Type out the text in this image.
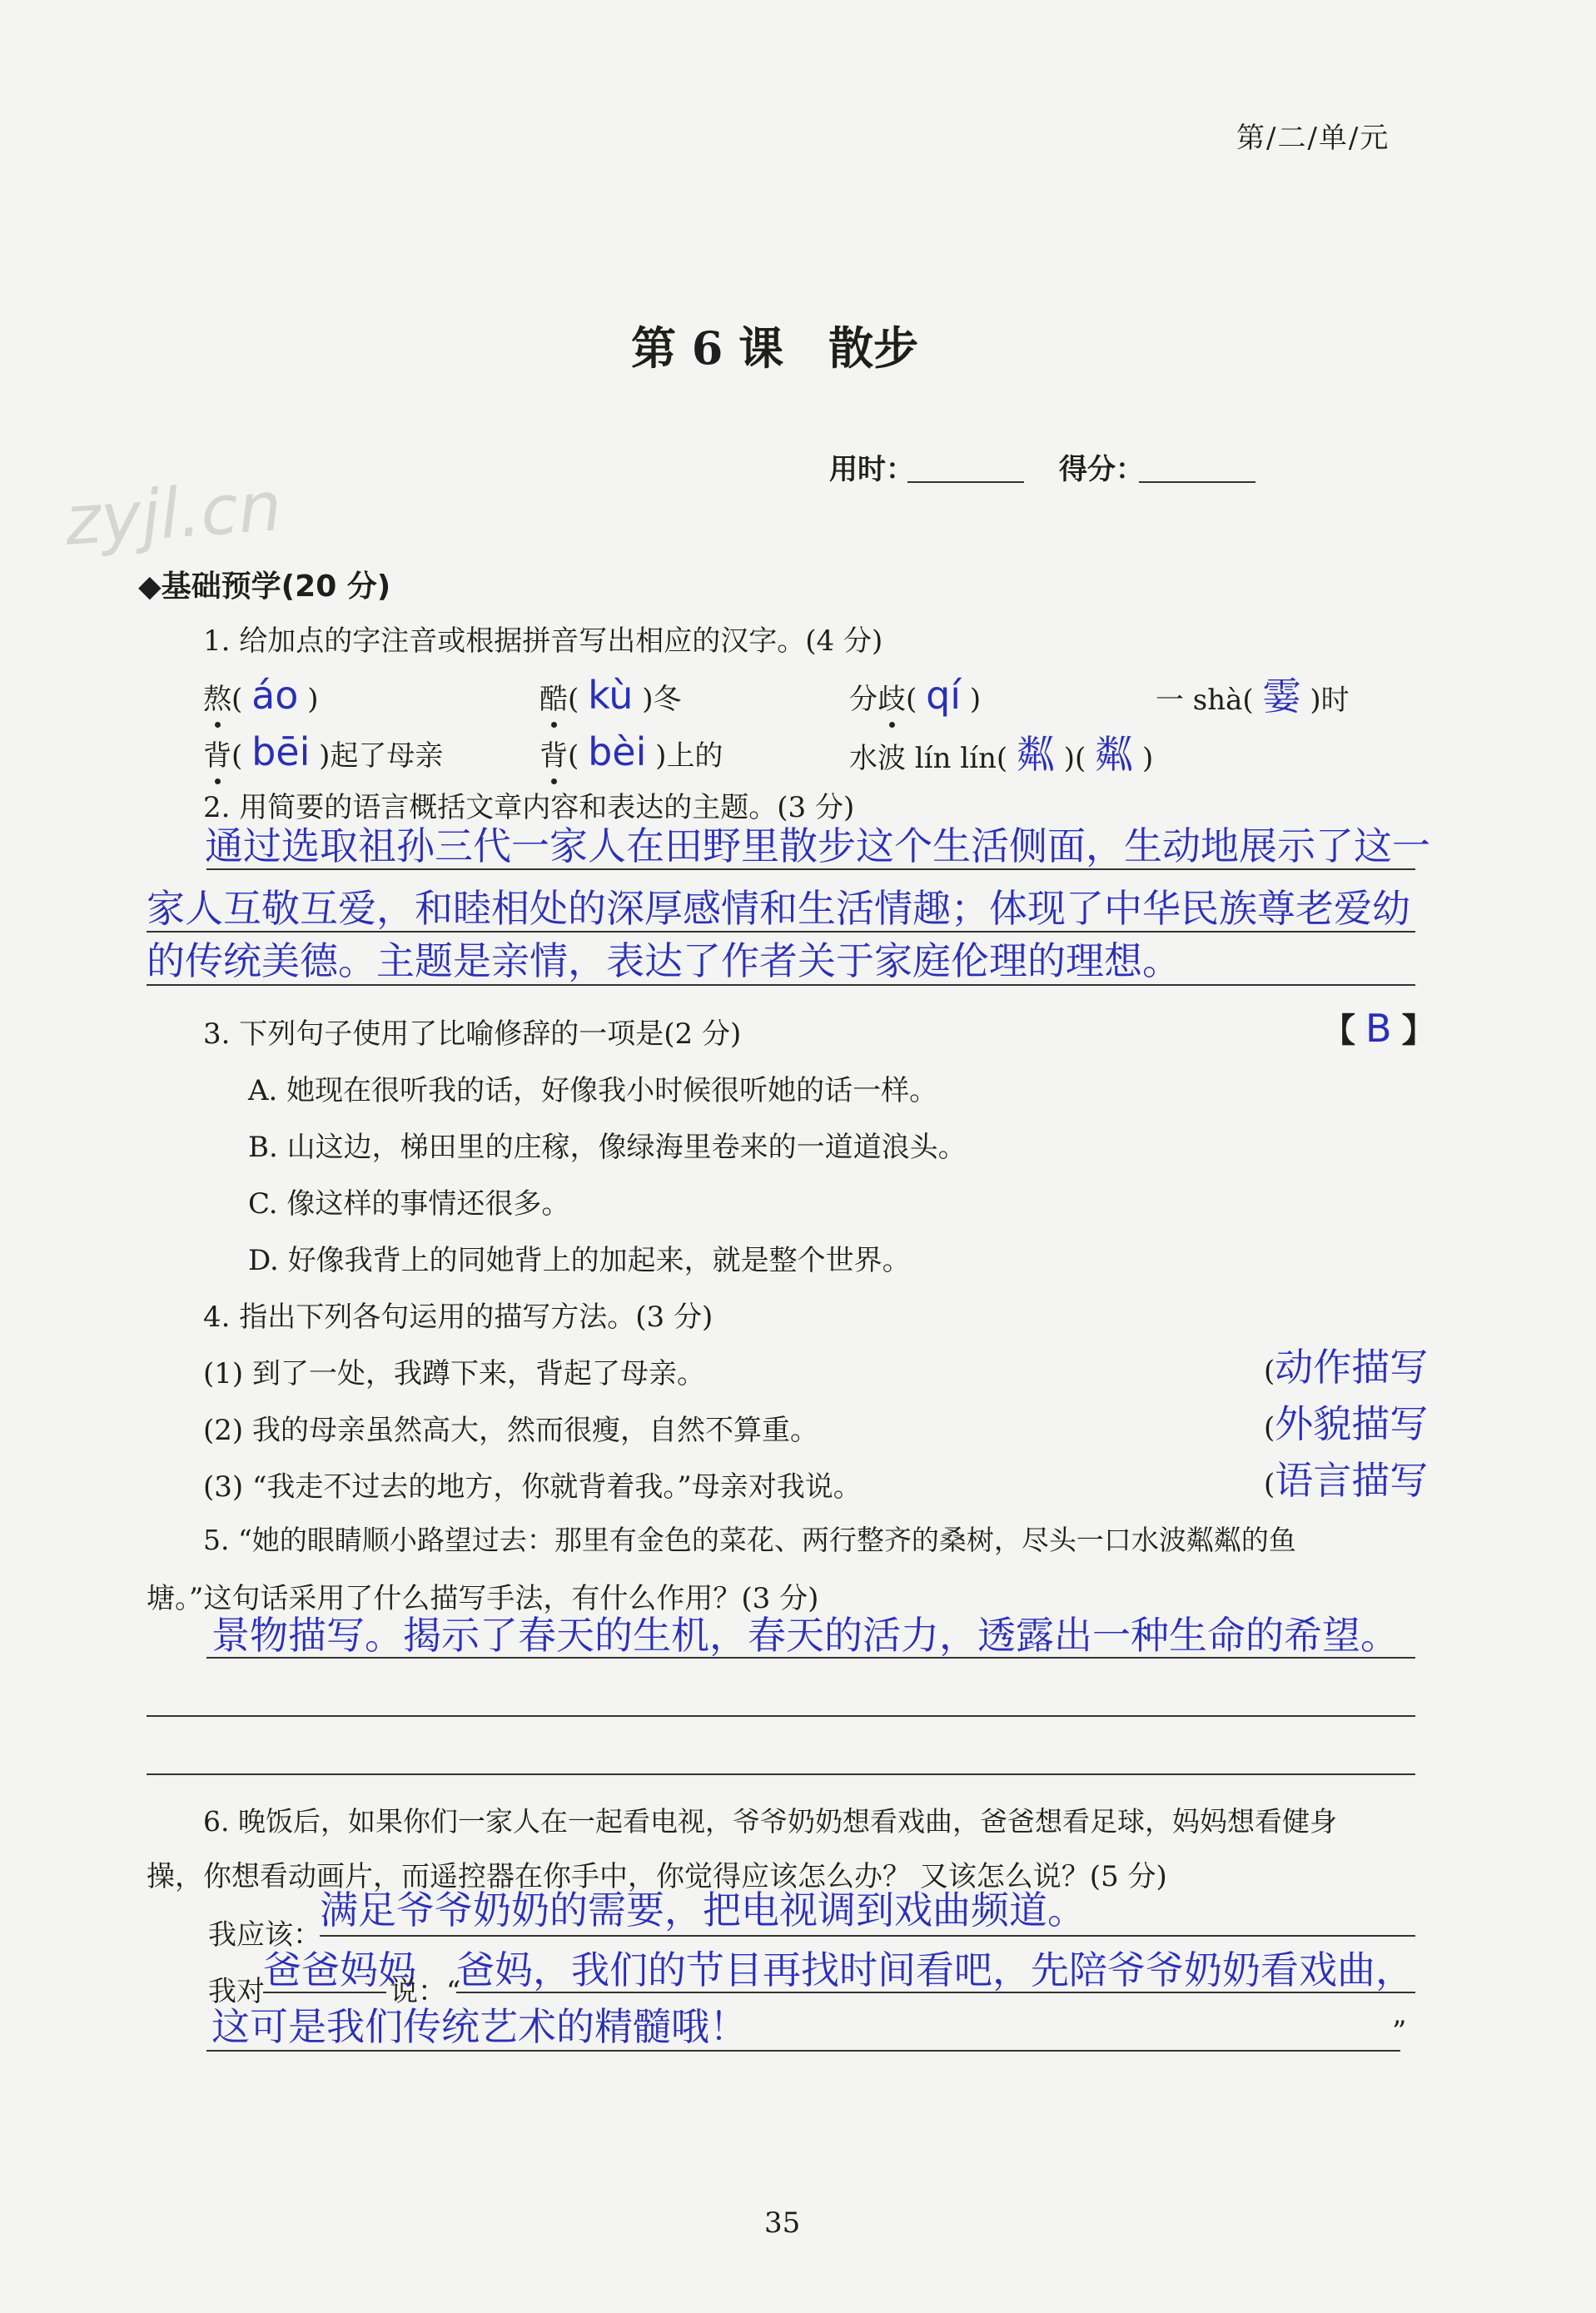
zyjl.cn
第/二/单/元
第 6 课　散步
用时：	得分：
◆基础预学(20 分)
1. 给加点的字注音或根据拼音写出相应的汉字。(4 分)
熬( áo )	酷( kù )冬	分歧( qí )	一 shà( 霎 )时
背( bēi )起了母亲	背( bèi )上的	水波 lín lín( 粼 )( 粼 )
2. 用简要的语言概括文章内容和表达的主题。(3 分)
通过选取祖孙三代一家人在田野里散步这个生活侧面，生动地展示了这一
家人互敬互爱，和睦相处的深厚感情和生活情趣；体现了中华民族尊老爱幼
的传统美德。主题是亲情，表达了作者关于家庭伦理的理想。
3. 下列句子使用了比喻修辞的一项是(2 分)	【 B 】
A. 她现在很听我的话，好像我小时候很听她的话一样。
B. 山这边，梯田里的庄稼，像绿海里卷来的一道道浪头。
C. 像这样的事情还很多。
D. 好像我背上的同她背上的加起来，就是整个世界。
4. 指出下列各句运用的描写方法。(3 分)
(1) 到了一处，我蹲下来，背起了母亲。	(动作描写
(2) 我的母亲虽然高大，然而很瘦，自然不算重。	(外貌描写
(3) “我走不过去的地方，你就背着我。”母亲对我说。	(语言描写
5. “她的眼睛顺小路望过去：那里有金色的菜花、两行整齐的桑树，尽头一口水波粼粼的鱼
塘。”这句话采用了什么描写手法，有什么作用？(3 分)
景物描写。揭示了春天的生机，春天的活力，透露出一种生命的希望。
6. 晚饭后，如果你们一家人在一起看电视，爷爷奶奶想看戏曲，爸爸想看足球，妈妈想看健身
操，你想看动画片，而遥控器在你手中，你觉得应该怎么办？ 又该怎么说？(5 分)
我应该：
满足爷爷奶奶的需要，把电视调到戏曲频道。
我对
爸爸妈妈
说：“
爸妈，我们的节目再找时间看吧，先陪爷爷奶奶看戏曲，
这可是我们传统艺术的精髓哦！	”
35
